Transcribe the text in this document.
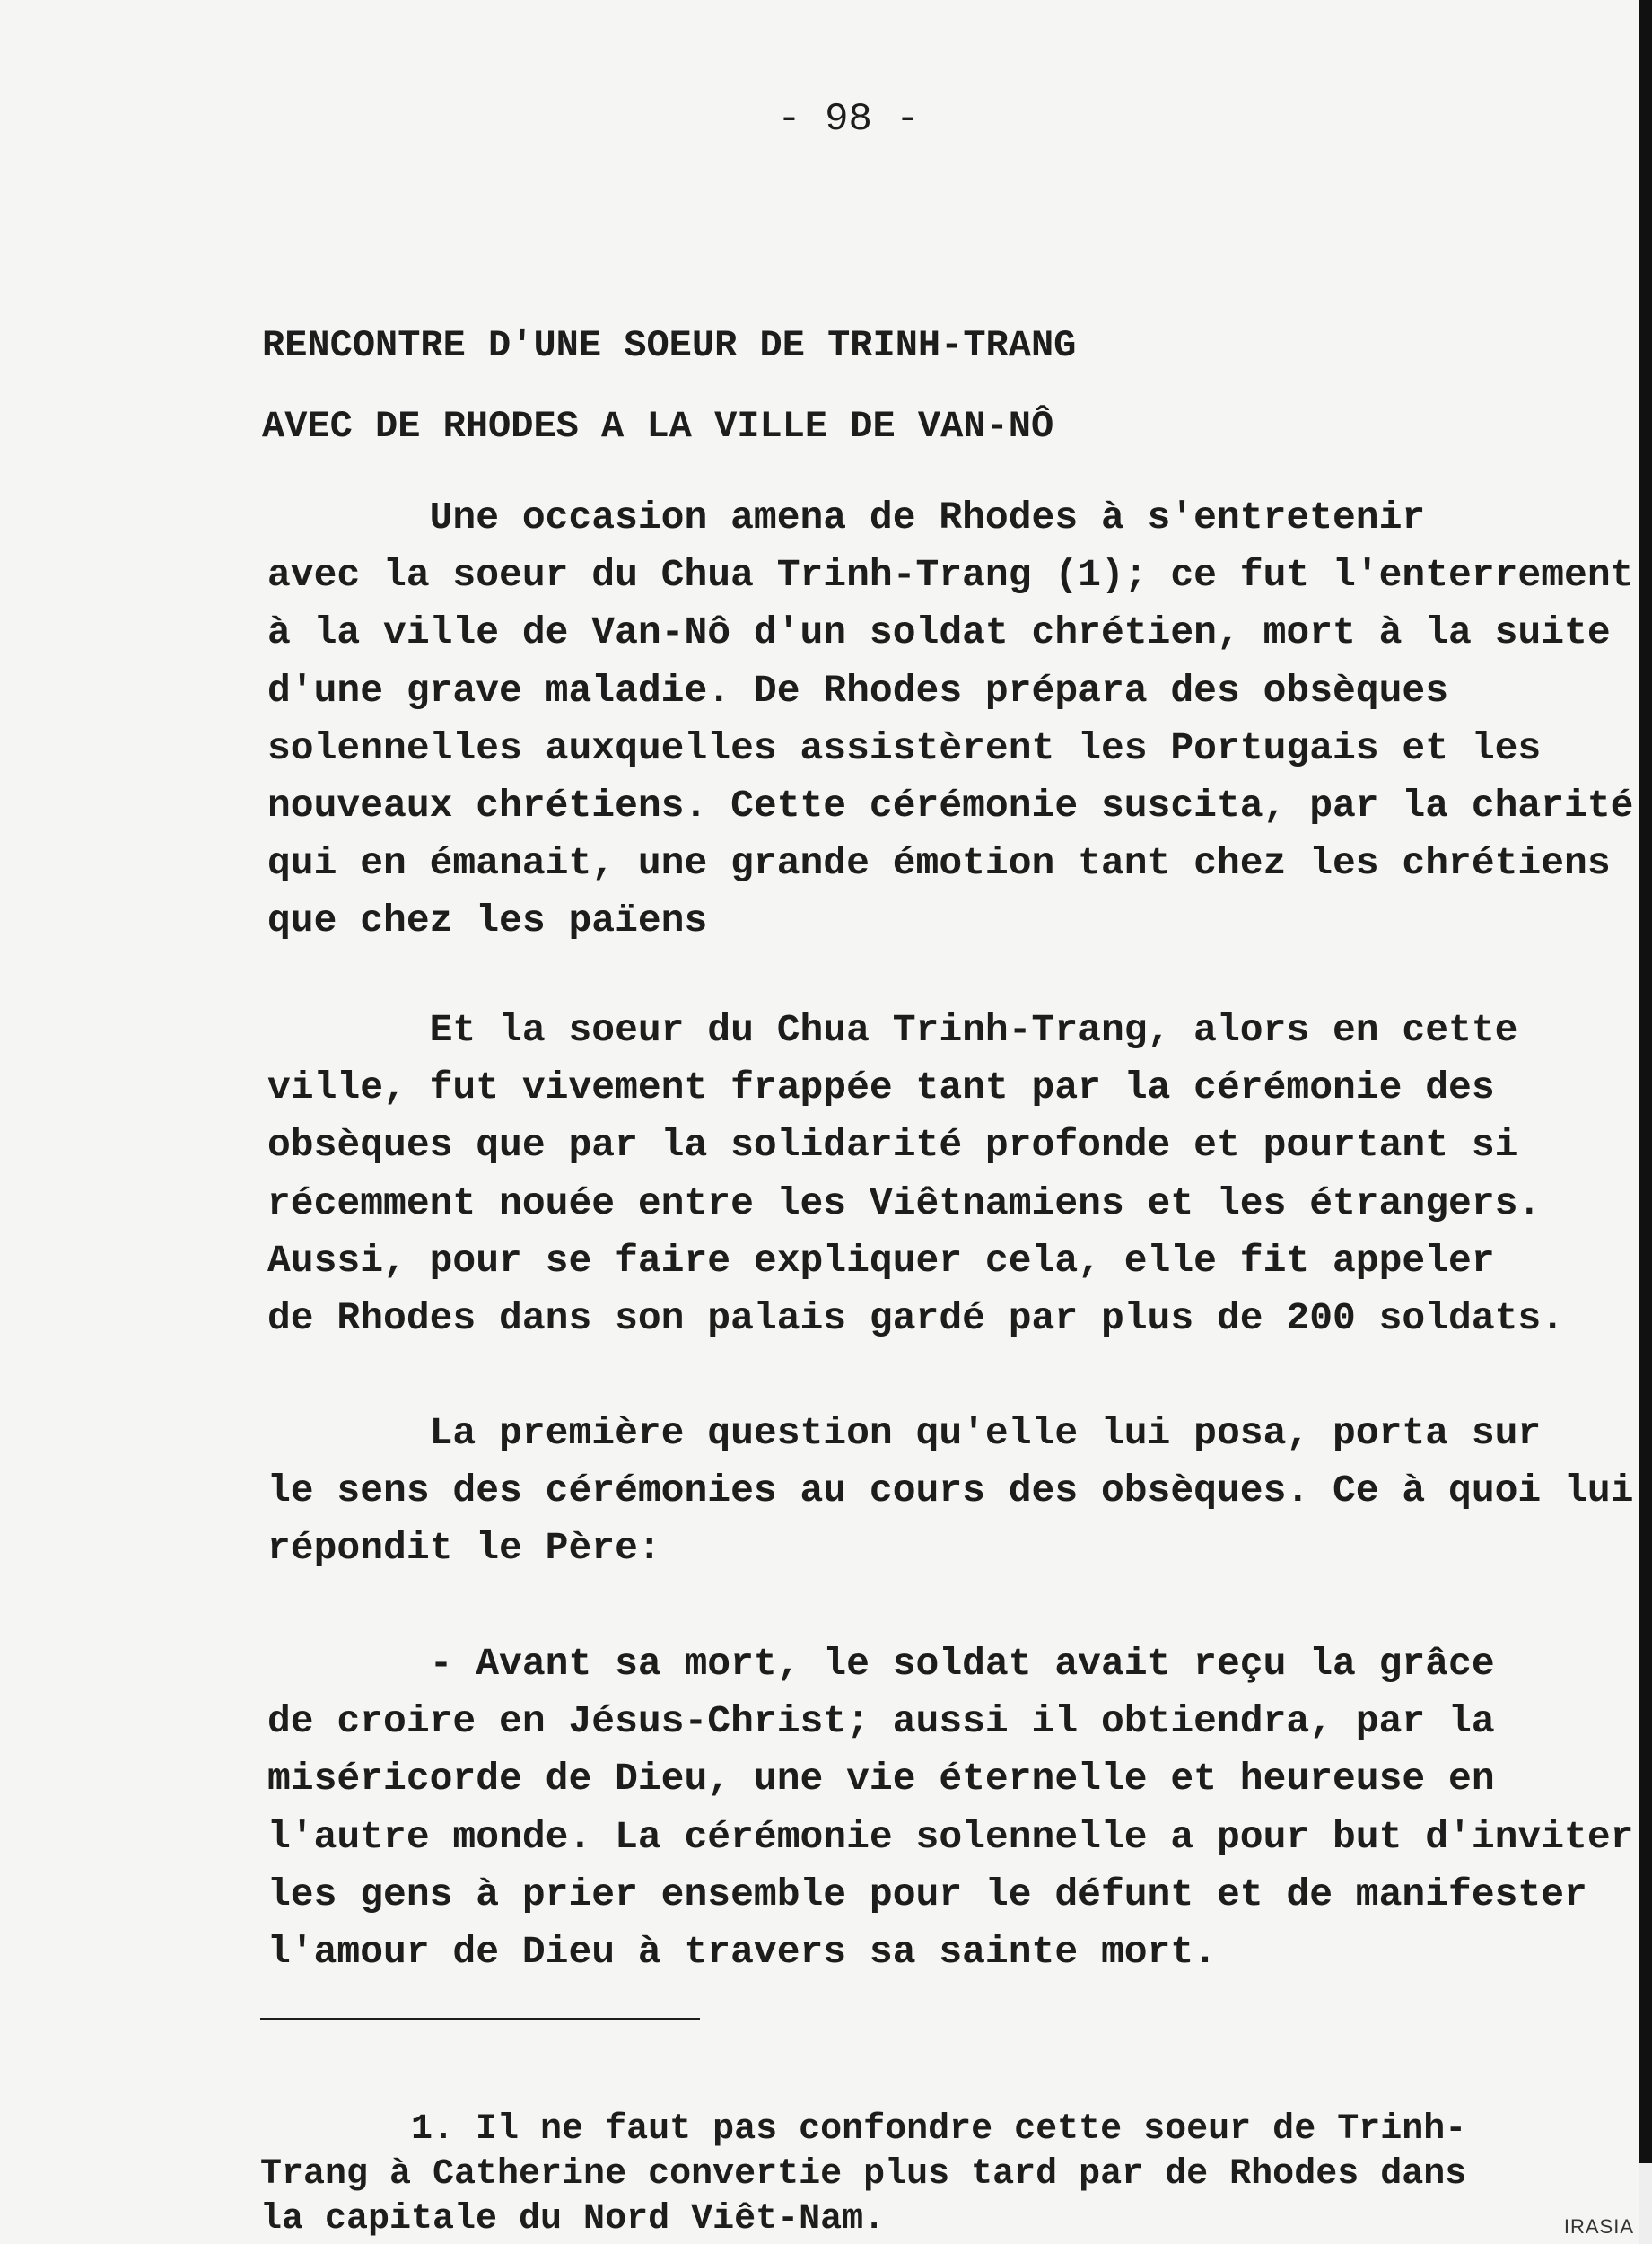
- 98 -
RENCONTRE D'UNE SOEUR DE TRINH-TRANG
AVEC DE RHODES A LA VILLE DE VAN-NÔ
Une occasion amena de Rhodes à s'entretenir
avec la soeur du Chua Trinh-Trang (1); ce fut l'enterrement
à la ville de Van-Nô d'un soldat chrétien, mort à la suite
d'une grave maladie. De Rhodes prépara des obsèques
solennelles auxquelles assistèrent les Portugais et les
nouveaux chrétiens. Cette cérémonie suscita, par la charité
qui en émanait, une grande émotion tant chez les chrétiens
que chez les païens
Et la soeur du Chua Trinh-Trang, alors en cette
ville, fut vivement frappée tant par la cérémonie des
obsèques que par la solidarité profonde et pourtant si
récemment nouée entre les Viêtnamiens et les étrangers.
Aussi, pour se faire expliquer cela, elle fit appeler
de Rhodes dans son palais gardé par plus de 200 soldats.
La première question qu'elle lui posa, porta sur
le sens des cérémonies au cours des obsèques. Ce à quoi lui
répondit le Père:
- Avant sa mort, le soldat avait reçu la grâce
de croire en Jésus-Christ; aussi il obtiendra, par la
miséricorde de Dieu, une vie éternelle et heureuse en
l'autre monde. La cérémonie solennelle a pour but d'inviter
les gens à prier ensemble pour le défunt et de manifester
l'amour de Dieu à travers sa sainte mort.
1. Il ne faut pas confondre cette soeur de Trinh-
Trang à Catherine convertie plus tard par de Rhodes dans
la capitale du Nord Viêt-Nam.	IRASIA
